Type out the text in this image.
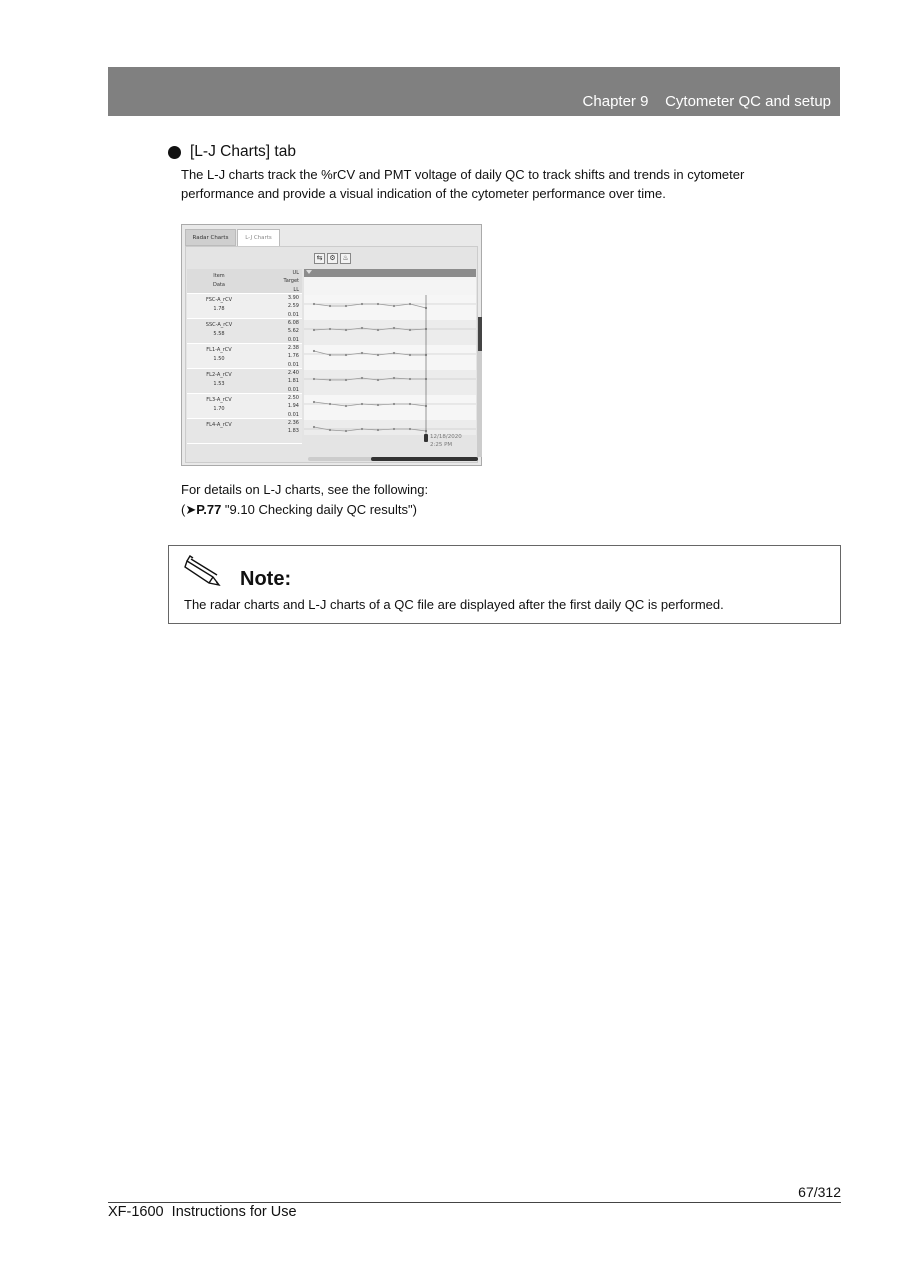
Chapter 9    Cytometer QC and setup
[L-J Charts] tab
The L-J charts track the %rCV and PMT voltage of daily QC to track shifts and trends in cytometer
performance and provide a visual indication of the cytometer performance over time.
Radar Charts	L-J Charts
⇆ ⚙ ♨
Item
Data
FSC-A_rCV
1.78
SSC-A_rCV
5.58
FL1-A_rCV
1.50
FL2-A_rCV
1.53
FL3-A_rCV
1.70
FL4-A_rCV
UL
Target
LL
3.90
2.59
0.01
6.08
5.62
0.01
2.38
1.76
0.01
2.40
1.81
0.01
2.50
1.94
0.01
2.36
1.83
12/18/2020
2:25 PM
For details on L-J charts, see the following:
(➤P.77 "9.10 Checking daily QC results")
Note:
The radar charts and L-J charts of a QC file are displayed after the first daily QC is performed.
67/312
XF-1600  Instructions for Use
